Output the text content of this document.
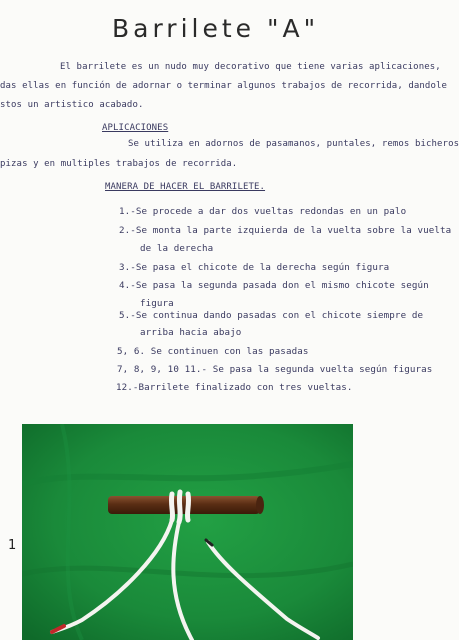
Barrilete "A"
El barrilete es un nudo muy decorativo que tiene varias aplicaciones,
das ellas en función de adornar o terminar algunos trabajos de recorrida, dandole
stos un artistico acabado.
APLICACIONES
Se utiliza en adornos de pasamanos, puntales, remos bicheros
pizas y en multiples trabajos de recorrida.
MANERA DE HACER EL BARRILETE.
1.-Se procede a dar dos vueltas redondas en un palo
2.-Se monta la parte izquierda de la vuelta sobre la vuelta
de la derecha
3.-Se pasa el chicote de la derecha según figura
4.-Se pasa la segunda pasada don el mismo chicote según
figura
5.-Se continua dando pasadas con el chicote siempre de
arriba hacia abajo
5, 6. Se continuen con las pasadas
7, 8, 9, 10 11.- Se pasa la segunda vuelta según figuras
12.-Barrilete finalizado con tres vueltas.
1
